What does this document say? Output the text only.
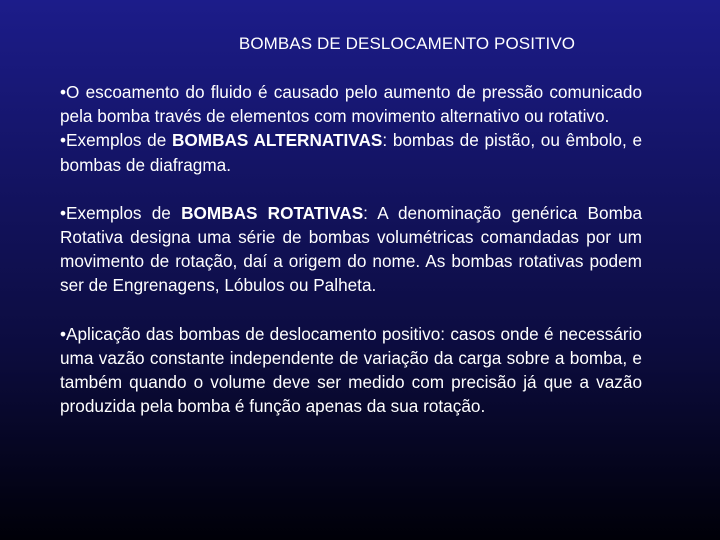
BOMBAS DE DESLOCAMENTO POSITIVO

•O escoamento do fluido é causado pelo aumento de pressão comunicado pela bomba través de elementos com movimento alternativo ou rotativo.

•Exemplos de BOMBAS ALTERNATIVAS: bombas de pistão, ou êmbolo, e bombas de diafragma.

•Exemplos de BOMBAS ROTATIVAS: A denominação genérica Bomba Rotativa designa uma série de bombas volumétricas comandadas por um movimento de rotação, daí a origem do nome. As bombas rotativas podem ser de Engrenagens, Lóbulos ou Palheta.

•Aplicação das bombas de deslocamento positivo: casos onde é necessário uma vazão constante independente de variação da carga sobre a bomba, e também quando o volume deve ser medido com precisão já que a vazão produzida pela bomba é função apenas da sua rotação.
